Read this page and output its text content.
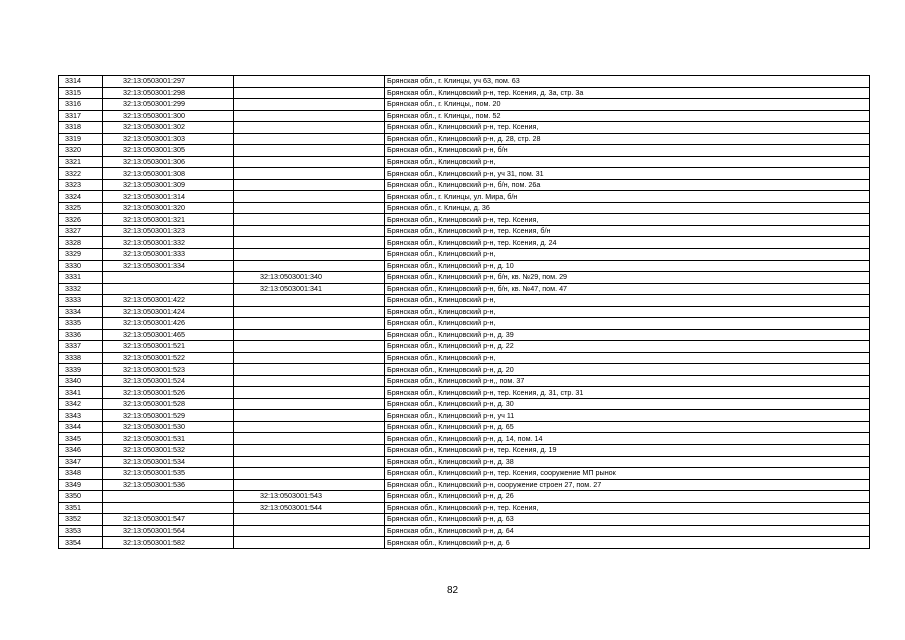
3314	32:13:0503001:297		Брянская обл., г. Клинцы, уч 63, пом. 63
3315	32:13:0503001:298		Брянская обл., Клинцовский р-н, тер. Ксения, д. 3а, стр. 3а
3316	32:13:0503001:299		Брянская обл., г. Клинцы,, пом. 20
3317	32:13:0503001:300		Брянская обл., г. Клинцы,, пом. 52
3318	32:13:0503001:302		Брянская обл., Клинцовский р-н, тер. Ксения,
3319	32:13:0503001:303		Брянская обл., Клинцовский р-н, д. 28, стр. 28
3320	32:13:0503001:305		Брянская обл., Клинцовский р-н, б/н
3321	32:13:0503001:306		Брянская обл., Клинцовский р-н,
3322	32:13:0503001:308		Брянская обл., Клинцовский р-н, уч 31, пом. 31
3323	32:13:0503001:309		Брянская обл., Клинцовский р-н, б/н, пом. 26а
3324	32:13:0503001:314		Брянская обл., г. Клинцы, ул. Мира, б/н
3325	32:13:0503001:320		Брянская обл., г. Клинцы, д. 36
3326	32:13:0503001:321		Брянская обл., Клинцовский р-н, тер. Ксения,
3327	32:13:0503001:323		Брянская обл., Клинцовский р-н, тер. Ксения, б/н
3328	32:13:0503001:332		Брянская обл., Клинцовский р-н, тер. Ксения, д. 24
3329	32:13:0503001:333		Брянская обл., Клинцовский р-н,
3330	32:13:0503001:334		Брянская обл., Клинцовский р-н, д. 10
3331		32:13:0503001:340	Брянская обл., Клинцовский р-н, б/н, кв. №29, пом. 29
3332		32:13:0503001:341	Брянская обл., Клинцовский р-н, б/н, кв. №47, пом. 47
3333	32:13:0503001:422		Брянская обл., Клинцовский р-н,
3334	32:13:0503001:424		Брянская обл., Клинцовский р-н,
3335	32:13:0503001:426		Брянская обл., Клинцовский р-н,
3336	32:13:0503001:465		Брянская обл., Клинцовский р-н, д. 39
3337	32:13:0503001:521		Брянская обл., Клинцовский р-н, д. 22
3338	32:13:0503001:522		Брянская обл., Клинцовский р-н,
3339	32:13:0503001:523		Брянская обл., Клинцовский р-н, д. 20
3340	32:13:0503001:524		Брянская обл., Клинцовский р-н,, пом. 37
3341	32:13:0503001:526		Брянская обл., Клинцовский р-н, тер. Ксения, д. 31, стр. 31
3342	32:13:0503001:528		Брянская обл., Клинцовский р-н, д. 30
3343	32:13:0503001:529		Брянская обл., Клинцовский р-н, уч 11
3344	32:13:0503001:530		Брянская обл., Клинцовский р-н, д. 65
3345	32:13:0503001:531		Брянская обл., Клинцовский р-н, д. 14, пом. 14
3346	32:13:0503001:532		Брянская обл., Клинцовский р-н, тер. Ксения, д. 19
3347	32:13:0503001:534		Брянская обл., Клинцовский р-н, д. 38
3348	32:13:0503001:535		Брянская обл., Клинцовский р-н, тер. Ксения, сооружение МП рынок
3349	32:13:0503001:536		Брянская обл., Клинцовский р-н, сооружение строен 27, пом. 27
3350		32:13:0503001:543	Брянская обл., Клинцовский р-н, д. 26
3351		32:13:0503001:544	Брянская обл., Клинцовский р-н, тер. Ксения,
3352	32:13:0503001:547		Брянская обл., Клинцовский р-н, д. 63
3353	32:13:0503001:564		Брянская обл., Клинцовский р-н, д. 64
3354	32:13:0503001:582		Брянская обл., Клинцовский р-н, д. 6
82
